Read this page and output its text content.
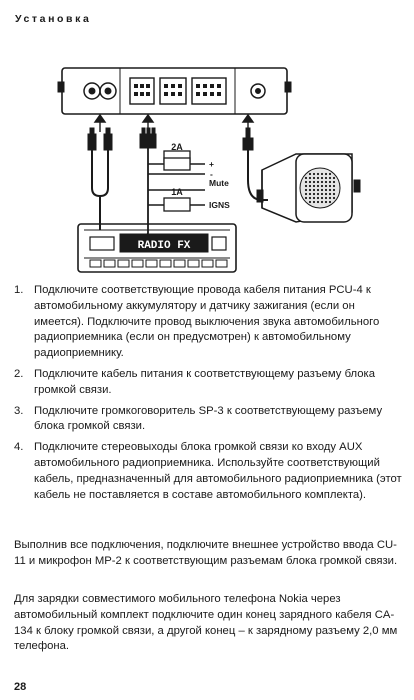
Установка
2A
1A
+
-
Mute
IGNS
RADIO FX
1. Подключите соответствующие провода кабеля питания PCU-4 к автомобильному аккумулятору и датчику зажигания (если он имеется). Подключите провод выключения звука автомобильного радиоприемника (если он предусмотрен) к автомобильному радиоприемнику.
2. Подключите кабель питания к соответствующему разъему блока громкой связи.
3. Подключите громкоговоритель SP-3 к соответствующему разъему блока громкой связи.
4. Подключите стереовыходы блока громкой связи ко входу AUX автомобильного радиоприемника. Используйте соответствующий кабель, предназначенный для автомобильного радиоприемника (этот кабель не поставляется в составе автомобильного комплекта).

Выполнив все подключения, подключите внешнее устройство ввода CU-11 и микрофон MP-2 к соответствующим разъемам блока громкой связи.

Для зарядки совместимого мобильного телефона Nokia через автомобильный комплект подключите один конец зарядного кабеля CA-134 к блоку громкой связи, а другой конец – к зарядному разъему 2,0 мм телефона.

28
